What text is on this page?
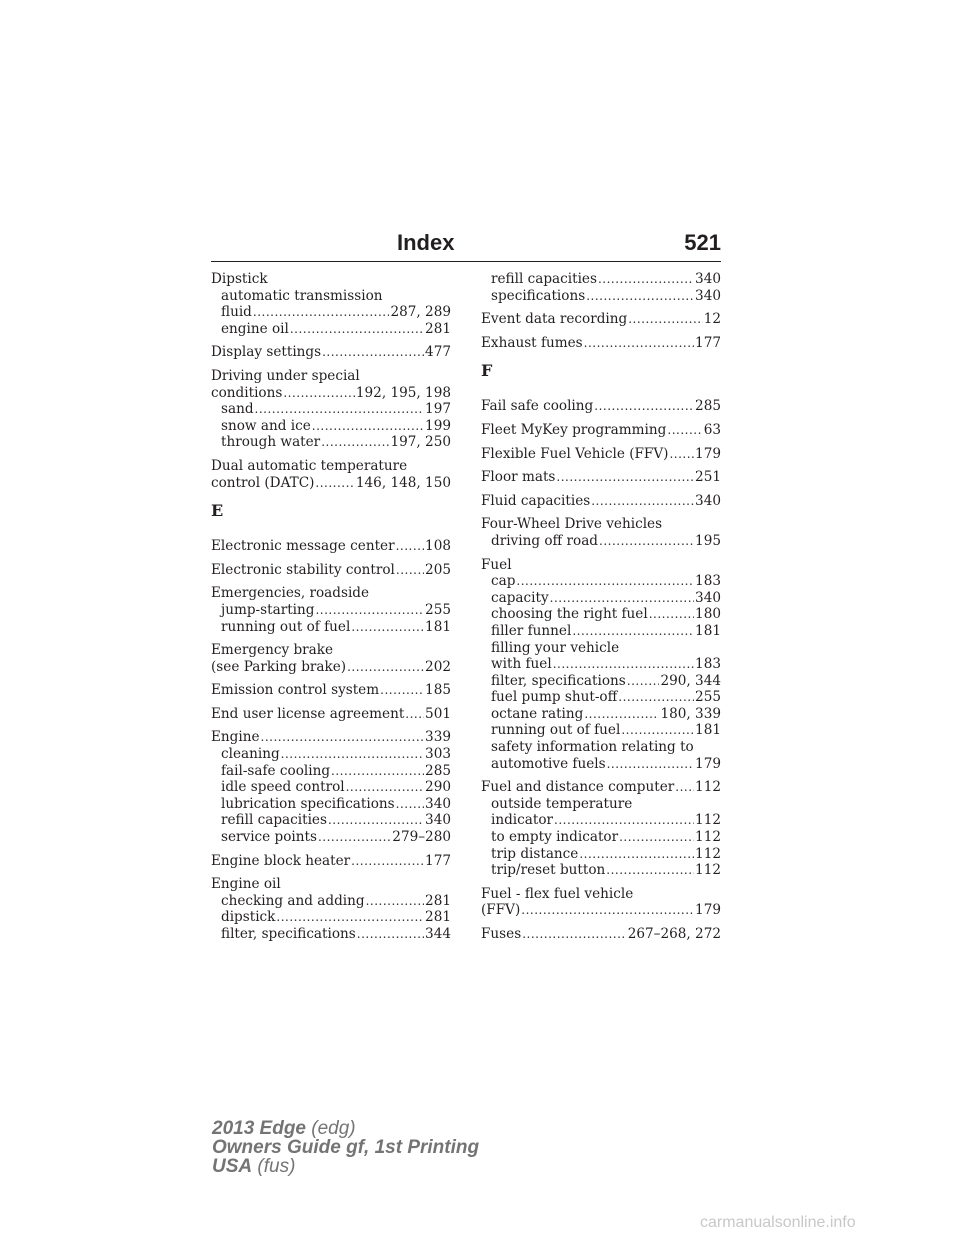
Index	521
Dipstick
automatic transmission
fluid .....	287, 289
engine oil .....	281
Display settings .....	477
Driving under special
conditions .....	192, 195, 198
sand .....	197
snow and ice .....	199
through water .....	197, 250
Dual automatic temperature
control (DATC) .....	146, 148, 150
E
Electronic message center ..... 108
Electronic stability control ..... 205
Emergencies, roadside
jump-starting .....	255
running out of fuel .....	181
Emergency brake
(see Parking brake) .....	202
Emission control system .....	185
End user license agreement ..... 501
Engine .....	339
cleaning .....	303
fail-safe cooling .....	285
idle speed control .....	290
lubrication specifications ..... 340
refill capacities .....	340
service points .....	279–280
Engine block heater .....	177
Engine oil
checking and adding .....	281
dipstick .....	281
filter, specifications .....	344
refill capacities .....	340
specifications .....	340
Event data recording .....	12
Exhaust fumes .....	177
F
Fail safe cooling .....	285
Fleet MyKey programming .....	63
Flexible Fuel Vehicle (FFV) ..... 179
Floor mats .....	251
Fluid capacities .....	340
Four-Wheel Drive vehicles
driving off road .....	195
Fuel
cap .....	183
capacity .....	340
choosing the right fuel .....	180
filler funnel .....	181
filling your vehicle
with fuel .....	183
filter, specifications .....	290, 344
fuel pump shut-off .....	255
octane rating .....	180, 339
running out of fuel .....	181
safety information relating to
automotive fuels .....	179
Fuel and distance computer ..... 112
outside temperature
indicator .....	112
to empty indicator .....	112
trip distance .....	112
trip/reset button .....	112
Fuel - flex fuel vehicle
(FFV) .....	179
Fuses .....	267–268, 272
2013 Edge (edg)
Owners Guide gf, 1st Printing
USA (fus)
carmanualsonline.info
